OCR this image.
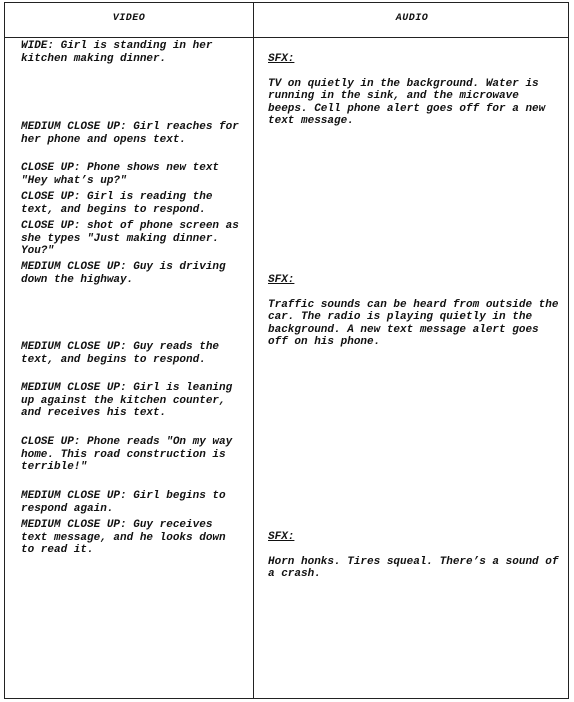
VIDEO	AUDIO
WIDE: Girl is standing in her kitchen making dinner.
MEDIUM CLOSE UP: Girl reaches for her phone and opens text.
CLOSE UP: Phone shows new text "Hey what’s up?"
CLOSE UP: Girl is reading the text, and begins to respond.
CLOSE UP: shot of phone screen as she types "Just making dinner. You?"
MEDIUM CLOSE UP: Guy is driving down the highway.
MEDIUM CLOSE UP: Guy reads the text, and begins to respond.
MEDIUM CLOSE UP: Girl is leaning up against the kitchen counter, and receives his text.
CLOSE UP: Phone reads "On my way home. This road construction is terrible!"
MEDIUM CLOSE UP: Girl begins to respond again.
MEDIUM CLOSE UP: Guy receives text message, and he looks down to read it.

SFX:

TV on quietly in the background. Water is running in the sink, and the microwave beeps. Cell phone alert goes off for a new text message.

SFX:

Traffic sounds can be heard from outside the car. The radio is playing quietly in the background. A new text message alert goes off on his phone.

SFX:

Horn honks. Tires squeal. There’s a sound of a crash.
